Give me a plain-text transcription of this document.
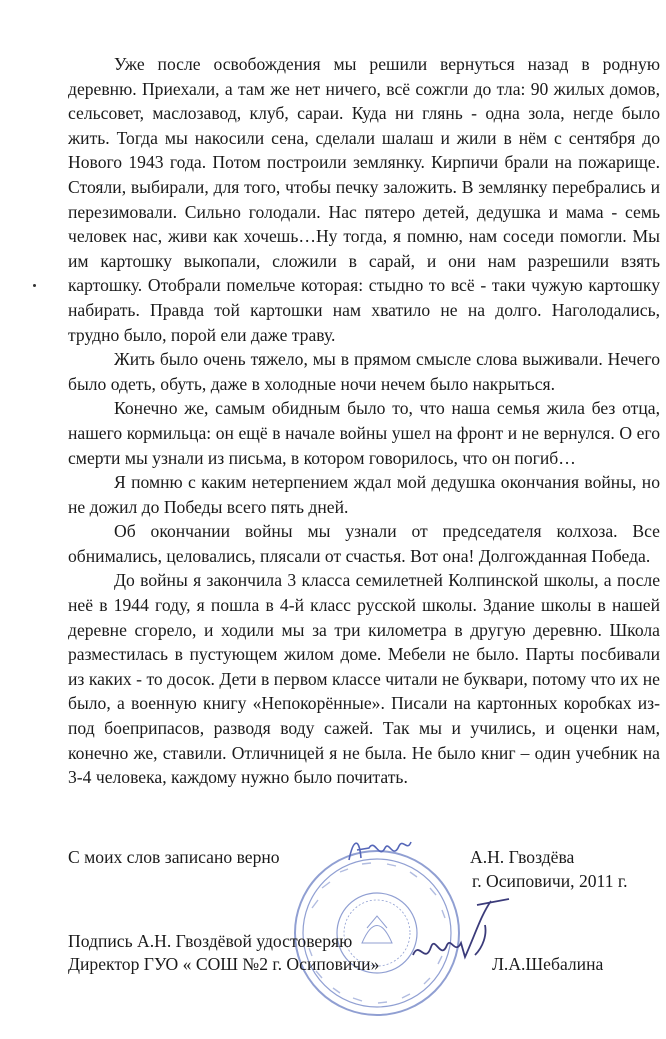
Уже после освобождения мы решили вернуться назад в родную деревню. Приехали, а там же нет ничего, всё сожгли до тла: 90 жилых домов, сельсовет, маслозавод, клуб, сараи. Куда ни глянь - одна зола, негде было жить. Тогда мы накосили сена, сделали шалаш и жили в нём с сентября до Нового 1943 года. Потом построили землянку. Кирпичи брали на пожарище. Стояли, выбирали, для того, чтобы печку заложить. В землянку перебрались и перезимовали. Сильно голодали. Нас пятеро детей, дедушка и мама - семь человек нас, живи как хочешь…Ну тогда, я помню, нам соседи помогли. Мы им картошку выкопали, сложили в сарай, и они нам разрешили взять картошку. Отобрали помельче которая: стыдно то всё - таки чужую картошку набирать. Правда той картошки нам хватило не на долго. Наголодались, трудно было, порой ели даже траву.

Жить было очень тяжело, мы в прямом смысле слова выживали. Нечего было одеть, обуть, даже в холодные ночи нечем было накрыться.

Конечно же, самым обидным было то, что наша семья жила без отца, нашего кормильца: он ещё в начале войны ушел на фронт и не вернулся. О его смерти мы узнали из письма, в котором говорилось, что он погиб…

Я помню с каким нетерпением ждал мой дедушка окончания войны, но не дожил до Победы всего пять дней.

Об окончании войны мы узнали от председателя колхоза. Все обнимались, целовались, плясали от счастья. Вот она! Долгожданная Победа.

До войны я закончила 3 класса семилетней Колпинской школы, а после неё в 1944 году, я пошла в 4-й класс русской школы. Здание школы в нашей деревне сгорело, и ходили мы за три километра в другую деревню. Школа разместилась в пустующем жилом доме. Мебели не было. Парты посбивали из каких - то досок. Дети в первом классе читали не буквари, потому что их не было, а военную книгу «Непокорённые». Писали на картонных коробках из-под боеприпасов, разводя воду сажей. Так мы и учились, и оценки нам, конечно же, ставили. Отличницей я не была. Не было книг – один учебник на 3-4 человека, каждому нужно было почитать.

С моих слов записано верно	А.Н. Гвоздёва
г. Осиповичи, 2011 г.
Подпись А.Н. Гвоздёвой удостоверяю
Директор ГУО « СОШ №2 г. Осиповичи»	Л.А.Шебалина
